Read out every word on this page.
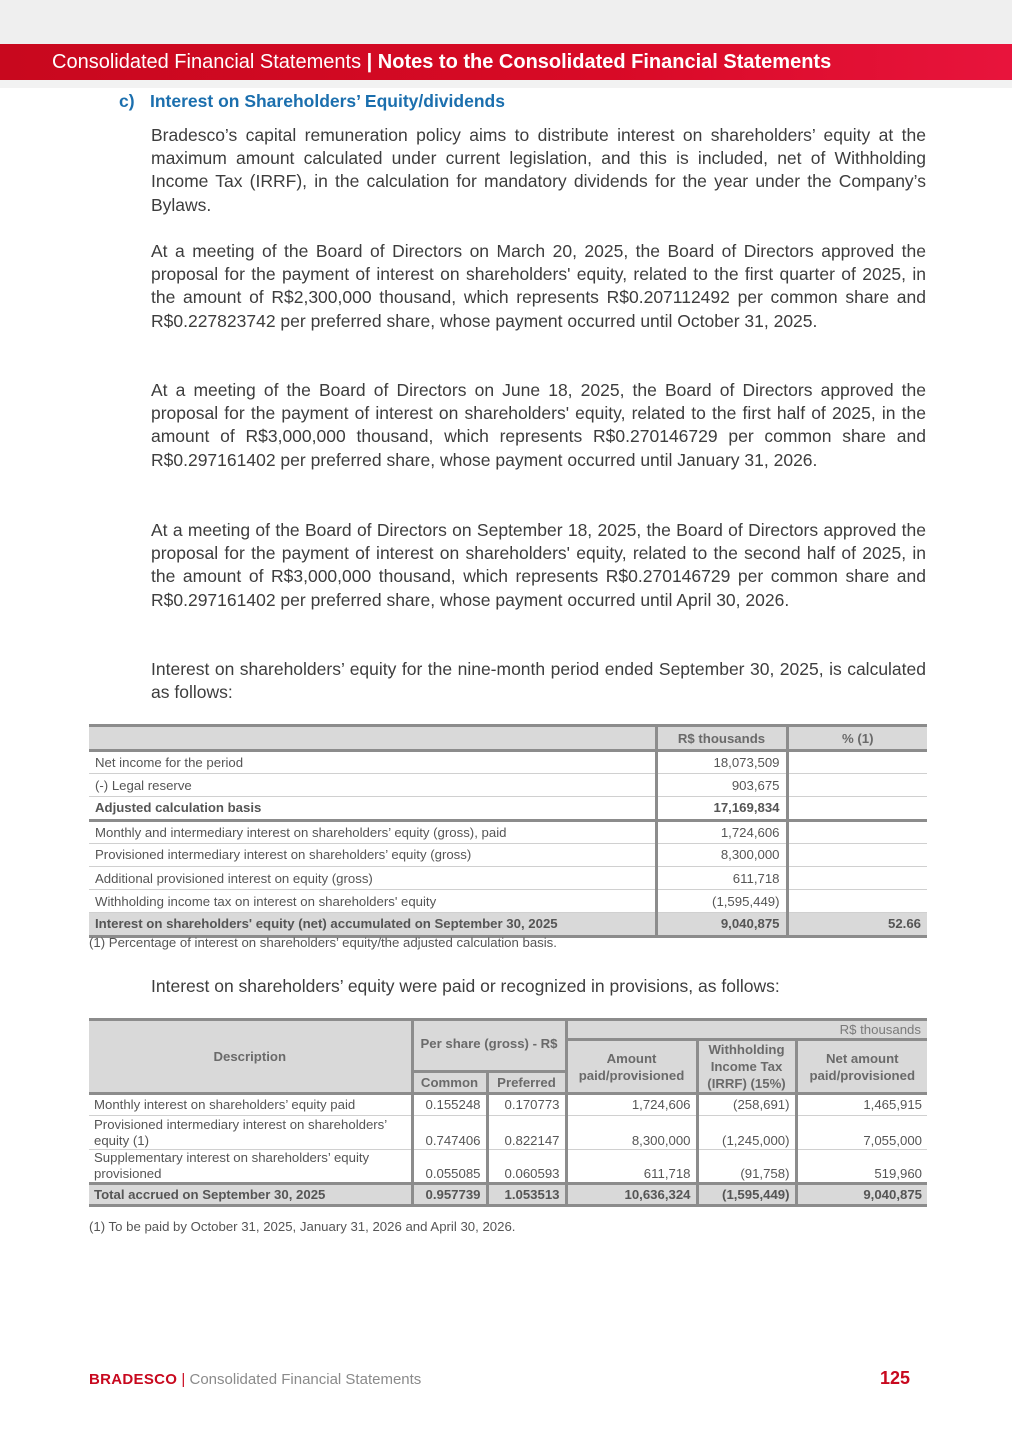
Consolidated Financial Statements | Notes to the Consolidated Financial Statements
c) Interest on Shareholders’ Equity/dividends

Bradesco’s capital remuneration policy aims to distribute interest on shareholders’ equity at the maximum amount calculated under current legislation, and this is included, net of Withholding Income Tax (IRRF), in the calculation for mandatory dividends for the year under the Company’s Bylaws.

At a meeting of the Board of Directors on March 20, 2025, the Board of Directors approved the proposal for the payment of interest on shareholders' equity, related to the first quarter of 2025, in the amount of R$2,300,000 thousand, which represents R$0.207112492 per common share and R$0.227823742 per preferred share, whose payment occurred until October 31, 2025.

At a meeting of the Board of Directors on June 18, 2025, the Board of Directors approved the proposal for the payment of interest on shareholders' equity, related to the first half of 2025, in the amount of R$3,000,000 thousand, which represents R$0.270146729 per common share and R$0.297161402 per preferred share, whose payment occurred until January 31, 2026.

At a meeting of the Board of Directors on September 18, 2025, the Board of Directors approved the proposal for the payment of interest on shareholders' equity, related to the second half of 2025, in the amount of R$3,000,000 thousand, which represents R$0.270146729 per common share and R$0.297161402 per preferred share, whose payment occurred until April 30, 2026.

Interest on shareholders’ equity for the nine-month period ended September 30, 2025, is calculated as follows:

	R$ thousands	% (1)
Net income for the period	18,073,509	
(-) Legal reserve	903,675	
Adjusted calculation basis	17,169,834	
Monthly and intermediary interest on shareholders’ equity (gross), paid	1,724,606	
Provisioned intermediary interest on shareholders’ equity (gross)	8,300,000	
Additional provisioned interest on equity (gross)	611,718	
Withholding income tax on interest on shareholders' equity	(1,595,449)	
Interest on shareholders' equity (net) accumulated on September 30, 2025	9,040,875	52.66
(1) Percentage of interest on shareholders’ equity/the adjusted calculation basis.

Interest on shareholders’ equity were paid or recognized in provisions, as follows:

Description	Per share (gross) - R$		R$ thousands		
			Amount paid/provisioned	Withholding Income Tax (IRRF) (15%)	Net amount paid/provisioned
	Common	Preferred			
Monthly interest on shareholders’ equity paid	0.155248	0.170773	1,724,606	(258,691)	1,465,915
Provisioned intermediary interest on shareholders’ equity (1)	0.747406	0.822147	8,300,000	(1,245,000)	7,055,000
Supplementary interest on shareholders’ equity provisioned	0.055085	0.060593	611,718	(91,758)	519,960
Total accrued on September 30, 2025	0.957739	1.053513	10,636,324	(1,595,449)	9,040,875
(1) To be paid by October 31, 2025, January 31, 2026 and April 30, 2026.
BRADESCO | Consolidated Financial Statements	125
